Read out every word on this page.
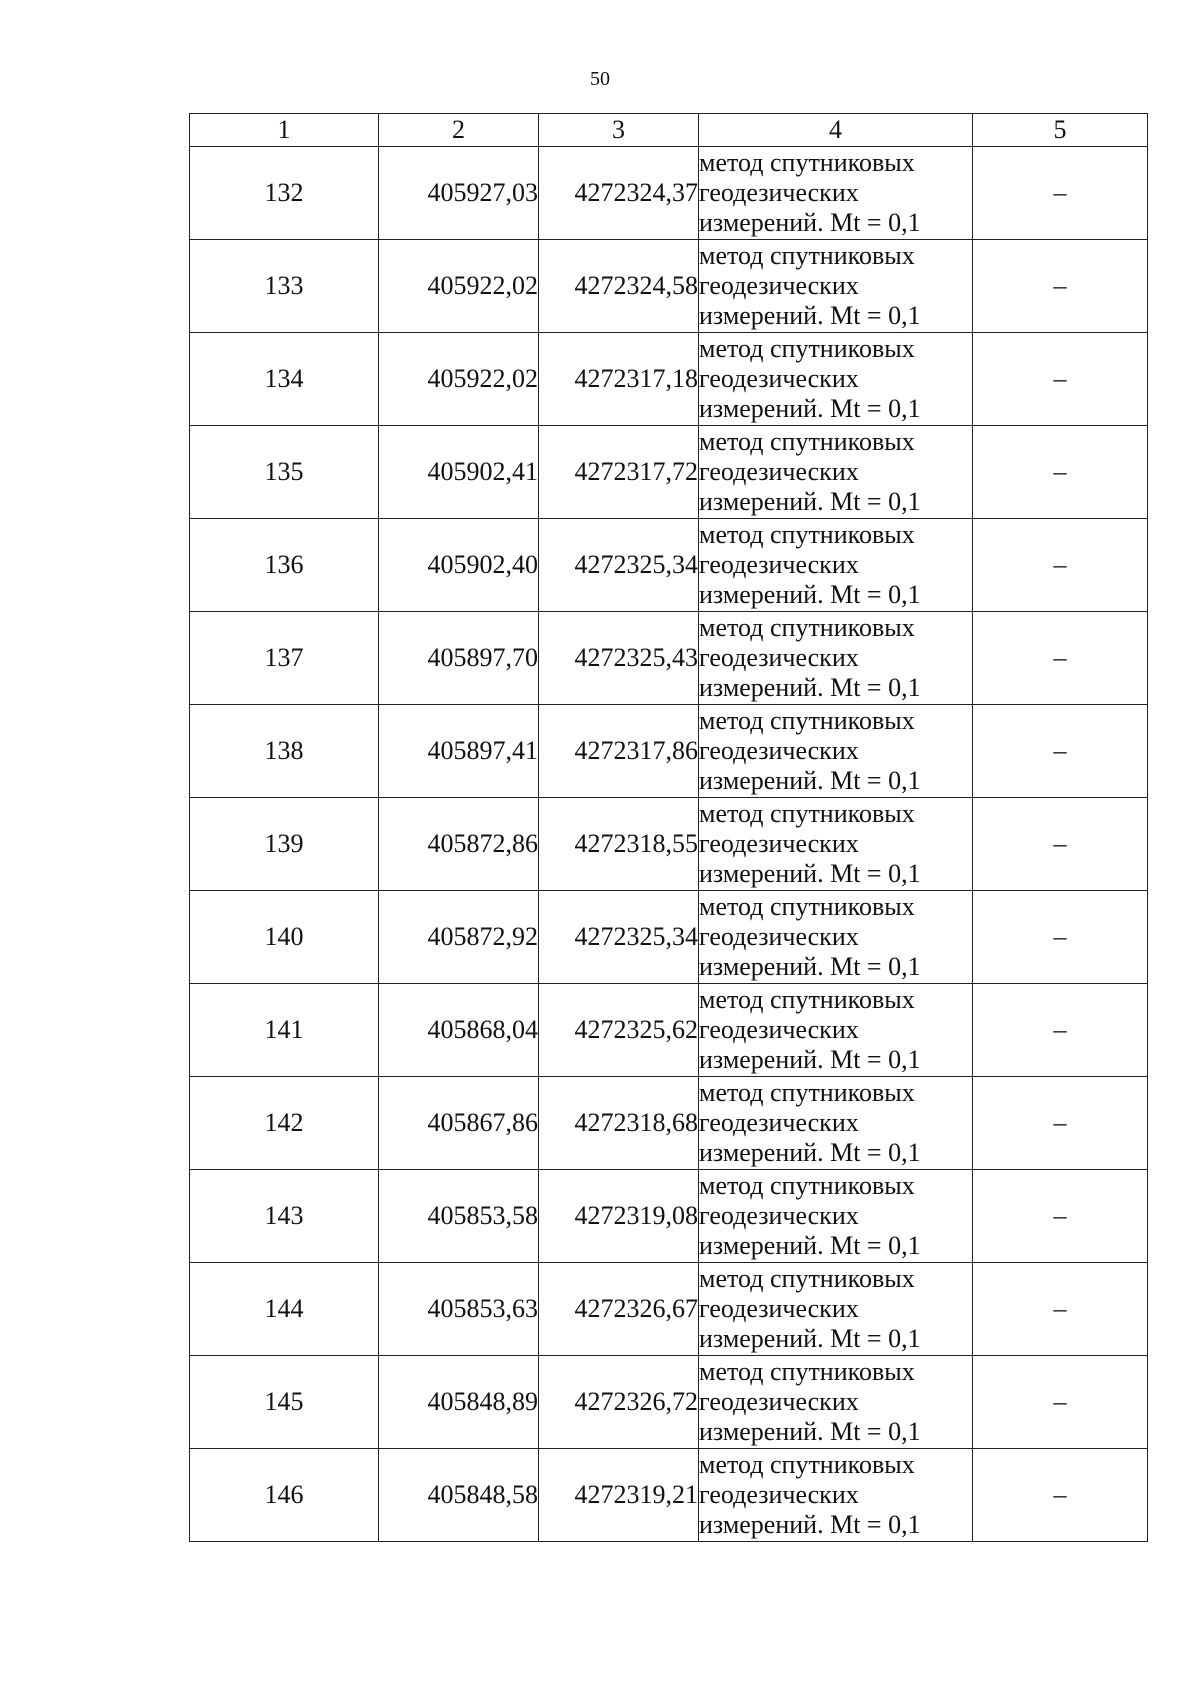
50
1	2	3	4	5
132	405927,03	4272324,37	метод спутниковых
геодезических
измерений. Mt = 0,1	–
133	405922,02	4272324,58	метод спутниковых
геодезических
измерений. Mt = 0,1	–
134	405922,02	4272317,18	метод спутниковых
геодезических
измерений. Mt = 0,1	–
135	405902,41	4272317,72	метод спутниковых
геодезических
измерений. Mt = 0,1	–
136	405902,40	4272325,34	метод спутниковых
геодезических
измерений. Mt = 0,1	–
137	405897,70	4272325,43	метод спутниковых
геодезических
измерений. Mt = 0,1	–
138	405897,41	4272317,86	метод спутниковых
геодезических
измерений. Mt = 0,1	–
139	405872,86	4272318,55	метод спутниковых
геодезических
измерений. Mt = 0,1	–
140	405872,92	4272325,34	метод спутниковых
геодезических
измерений. Mt = 0,1	–
141	405868,04	4272325,62	метод спутниковых
геодезических
измерений. Mt = 0,1	–
142	405867,86	4272318,68	метод спутниковых
геодезических
измерений. Mt = 0,1	–
143	405853,58	4272319,08	метод спутниковых
геодезических
измерений. Mt = 0,1	–
144	405853,63	4272326,67	метод спутниковых
геодезических
измерений. Mt = 0,1	–
145	405848,89	4272326,72	метод спутниковых
геодезических
измерений. Mt = 0,1	–
146	405848,58	4272319,21	метод спутниковых
геодезических
измерений. Mt = 0,1	–
